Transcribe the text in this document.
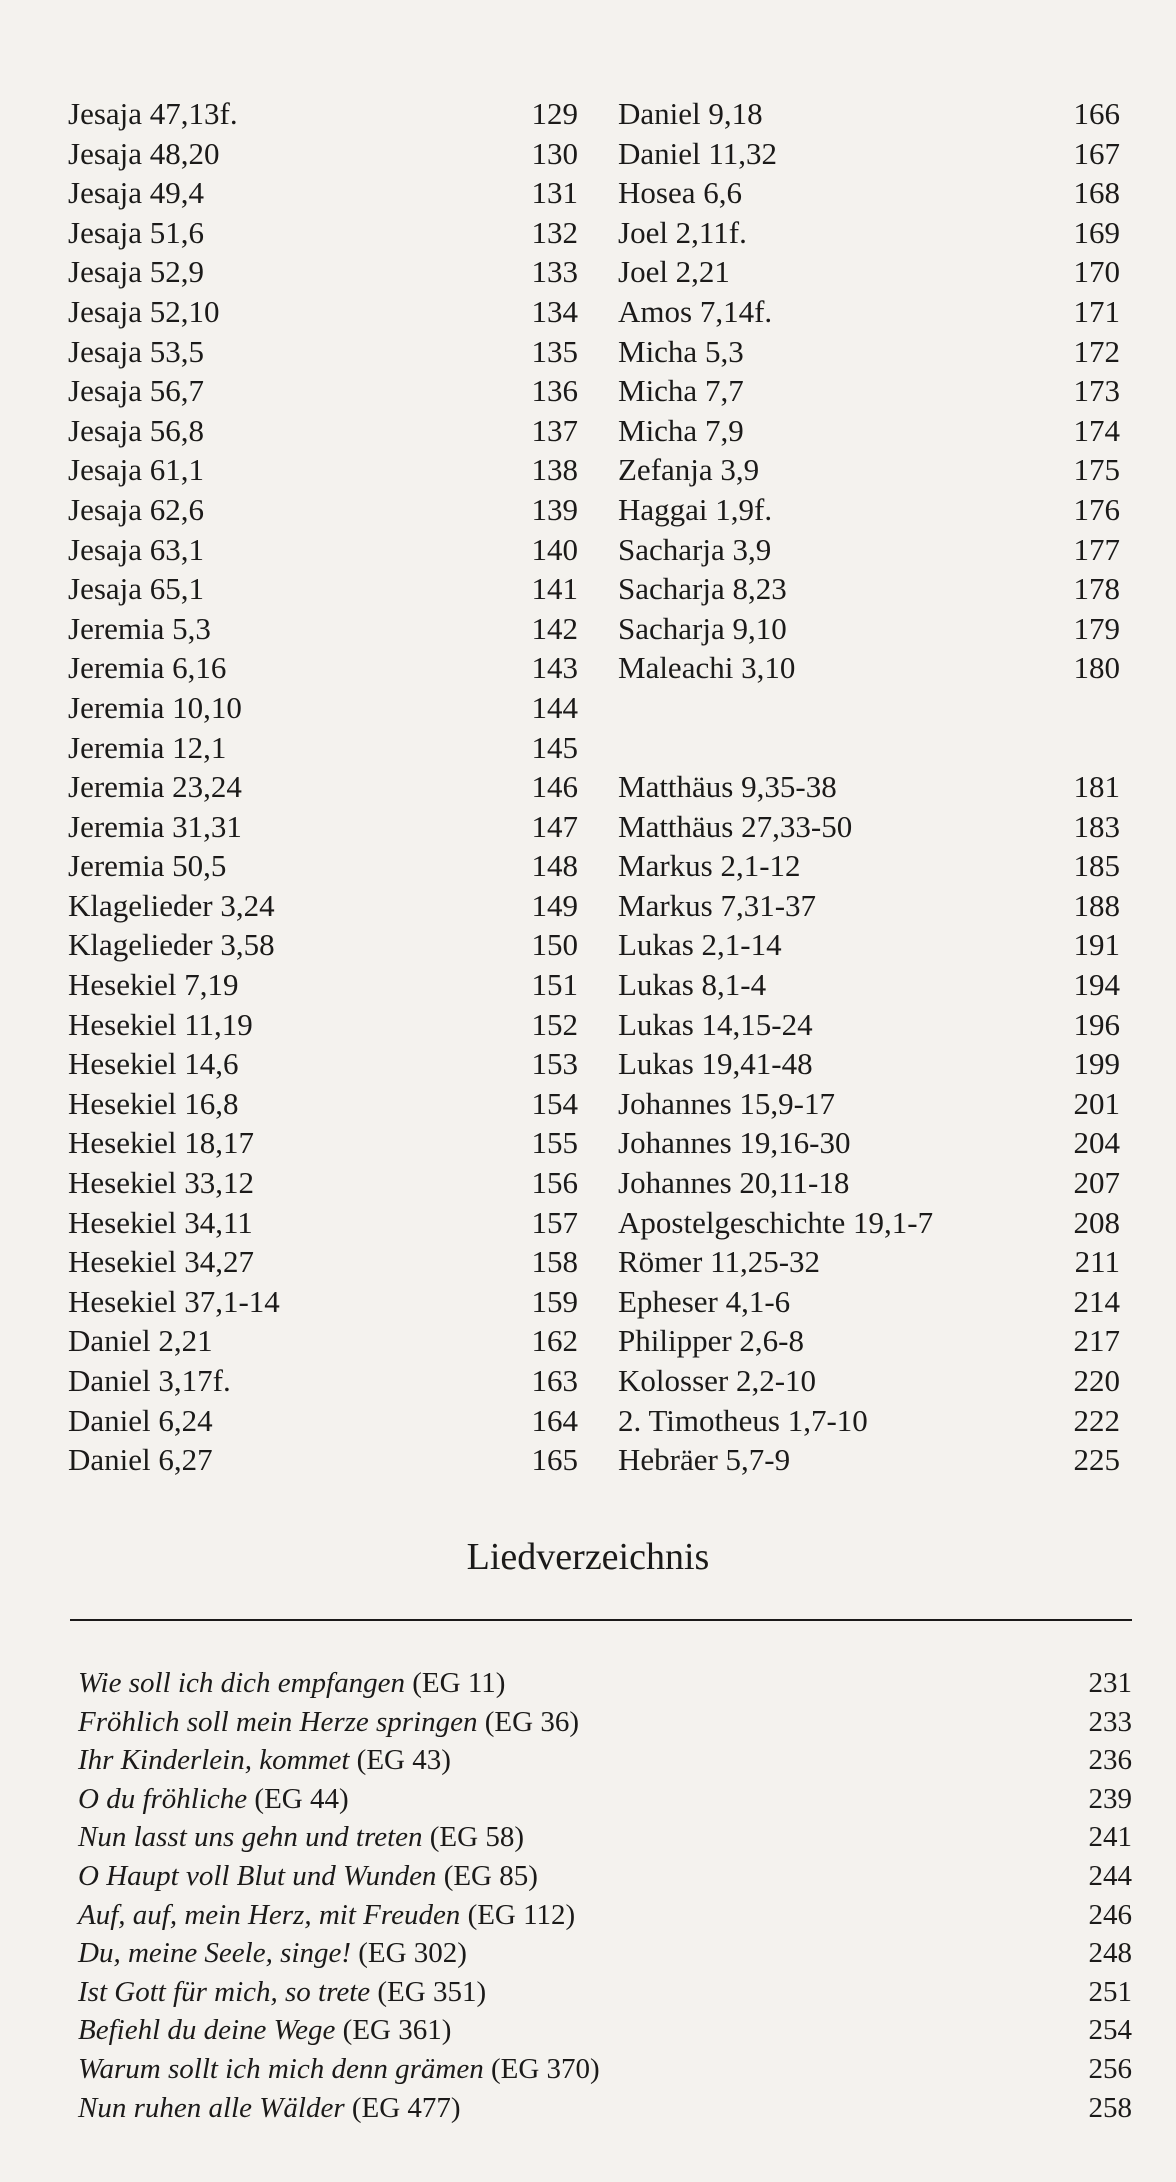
Jesaja 47,13f.	129
Jesaja 48,20	130
Jesaja 49,4	131
Jesaja 51,6	132
Jesaja 52,9	133
Jesaja 52,10	134
Jesaja 53,5	135
Jesaja 56,7	136
Jesaja 56,8	137
Jesaja 61,1	138
Jesaja 62,6	139
Jesaja 63,1	140
Jesaja 65,1	141
Jeremia 5,3	142
Jeremia 6,16	143
Jeremia 10,10	144
Jeremia 12,1	145
Jeremia 23,24	146
Jeremia 31,31	147
Jeremia 50,5	148
Klagelieder 3,24	149
Klagelieder 3,58	150
Hesekiel 7,19	151
Hesekiel 11,19	152
Hesekiel 14,6	153
Hesekiel 16,8	154
Hesekiel 18,17	155
Hesekiel 33,12	156
Hesekiel 34,11	157
Hesekiel 34,27	158
Hesekiel 37,1-14	159
Daniel 2,21	162
Daniel 3,17f.	163
Daniel 6,24	164
Daniel 6,27	165
Daniel 9,18	166
Daniel 11,32	167
Hosea 6,6	168
Joel 2,11f.	169
Joel 2,21	170
Amos 7,14f.	171
Micha 5,3	172
Micha 7,7	173
Micha 7,9	174
Zefanja 3,9	175
Haggai 1,9f.	176
Sacharja 3,9	177
Sacharja 8,23	178
Sacharja 9,10	179
Maleachi 3,10	180
Matthäus 9,35-38	181
Matthäus 27,33-50	183
Markus 2,1-12	185
Markus 7,31-37	188
Lukas 2,1-14	191
Lukas 8,1-4	194
Lukas 14,15-24	196
Lukas 19,41-48	199
Johannes 15,9-17	201
Johannes 19,16-30	204
Johannes 20,11-18	207
Apostelgeschichte 19,1-7	208
Römer 11,25-32	211
Epheser 4,1-6	214
Philipper 2,6-8	217
Kolosser 2,2-10	220
2. Timotheus 1,7-10	222
Hebräer 5,7-9	225
Liedverzeichnis
Wie soll ich dich empfangen (EG 11)	231
Fröhlich soll mein Herze springen (EG 36)	233
Ihr Kinderlein, kommet (EG 43)	236
O du fröhliche (EG 44)	239
Nun lasst uns gehn und treten (EG 58)	241
O Haupt voll Blut und Wunden (EG 85)	244
Auf, auf, mein Herz, mit Freuden (EG 112)	246
Du, meine Seele, singe! (EG 302)	248
Ist Gott für mich, so trete (EG 351)	251
Befiehl du deine Wege (EG 361)	254
Warum sollt ich mich denn grämen (EG 370)	256
Nun ruhen alle Wälder (EG 477)	258
